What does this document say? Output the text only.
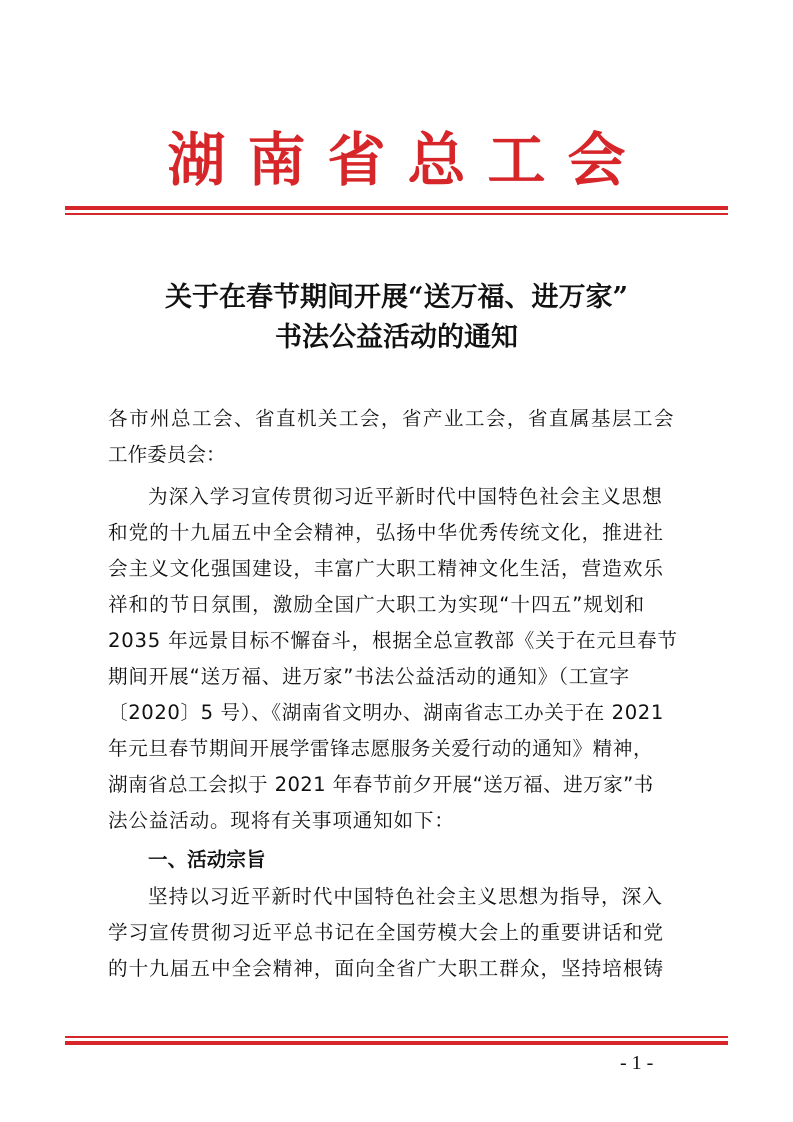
湖南省总工会
关于在春节期间开展“送万福、进万家”
书法公益活动的通知
各市州总工会、省直机关工会，省产业工会，省直属基层工会
工作委员会：
为深入学习宣传贯彻习近平新时代中国特色社会主义思想
和党的十九届五中全会精神，弘扬中华优秀传统文化，推进社
会主义文化强国建设，丰富广大职工精神文化生活，营造欢乐
祥和的节日氛围，激励全国广大职工为实现“十四五”规划和
2035 年远景目标不懈奋斗，根据全总宣教部《关于在元旦春节
期间开展“送万福、进万家”书法公益活动的通知》（工宣字
〔2020〕5 号）、《湖南省文明办、湖南省志工办关于在 2021
年元旦春节期间开展学雷锋志愿服务关爱行动的通知》精神，
湖南省总工会拟于 2021 年春节前夕开展“送万福、进万家”书
法公益活动。现将有关事项通知如下：
一、活动宗旨
坚持以习近平新时代中国特色社会主义思想为指导，深入
学习宣传贯彻习近平总书记在全国劳模大会上的重要讲话和党
的十九届五中全会精神，面向全省广大职工群众，坚持培根铸
- 1 -
